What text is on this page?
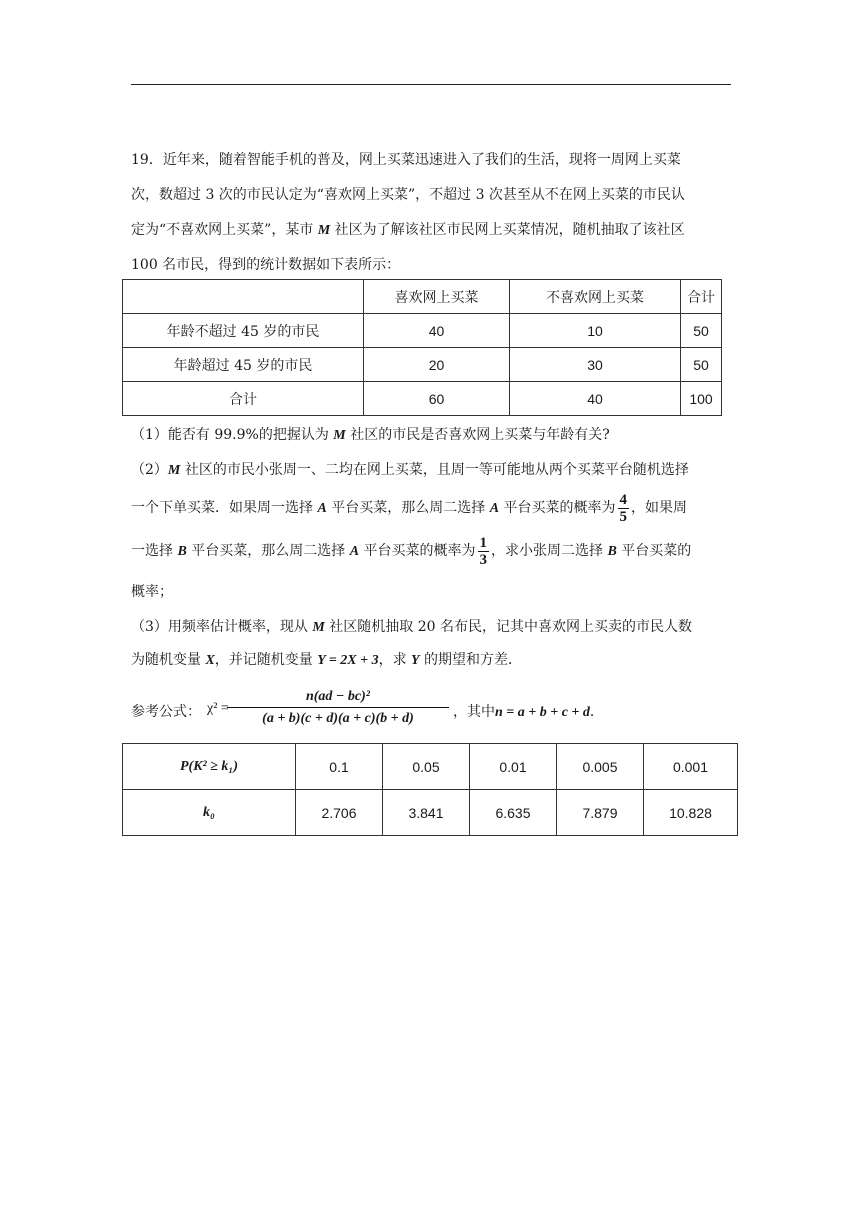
19．近年来，随着智能手机的普及，网上买菜迅速进入了我们的生活，现将一周网上买菜
次，数超过 3 次的市民认定为“喜欢网上买菜”，不超过 3 次甚至从不在网上买菜的市民认
定为“不喜欢网上买菜”，某市 M 社区为了解该社区市民网上买菜情况，随机抽取了该社区
100 名市民，得到的统计数据如下表所示：
	喜欢网上买菜	不喜欢网上买菜	合计
年龄不超过 45 岁的市民	40	10	50
年龄超过 45 岁的市民	20	30	50
合计	60	40	100
（1）能否有 99.9%的把握认为 M 社区的市民是否喜欢网上买菜与年龄有关?
（2）M 社区的市民小张周一、二均在网上买菜，且周一等可能地从两个买菜平台随机选择
一个下单买菜．如果周一选择 A 平台买菜，那么周二选择 A 平台买菜的概率为 $\frac{4}{5}$ ，如果周
一选择 B 平台买菜，那么周二选择 A 平台买菜的概率为 $\frac{1}{3}$ ，求小张周二选择 B 平台买菜的
概率；
（3）用频率估计概率，现从 M 社区随机抽取 20 名布民，记其中喜欢网上买卖的市民人数
为随机变量 X，并记随机变量 Y = 2X + 3，求 Y 的期望和方差．
参考公式： χ² =
$\frac{\text{n(ad − bc)²}}{(a + b)(c + d)(a + c)(b + d)}$ ，其中n = a + b + c + d．
P(K² ≥ k₁)	0.1	0.05	0.01	0.005	0.001
k₀	2.706	3.841	6.635	7.879	10.828
